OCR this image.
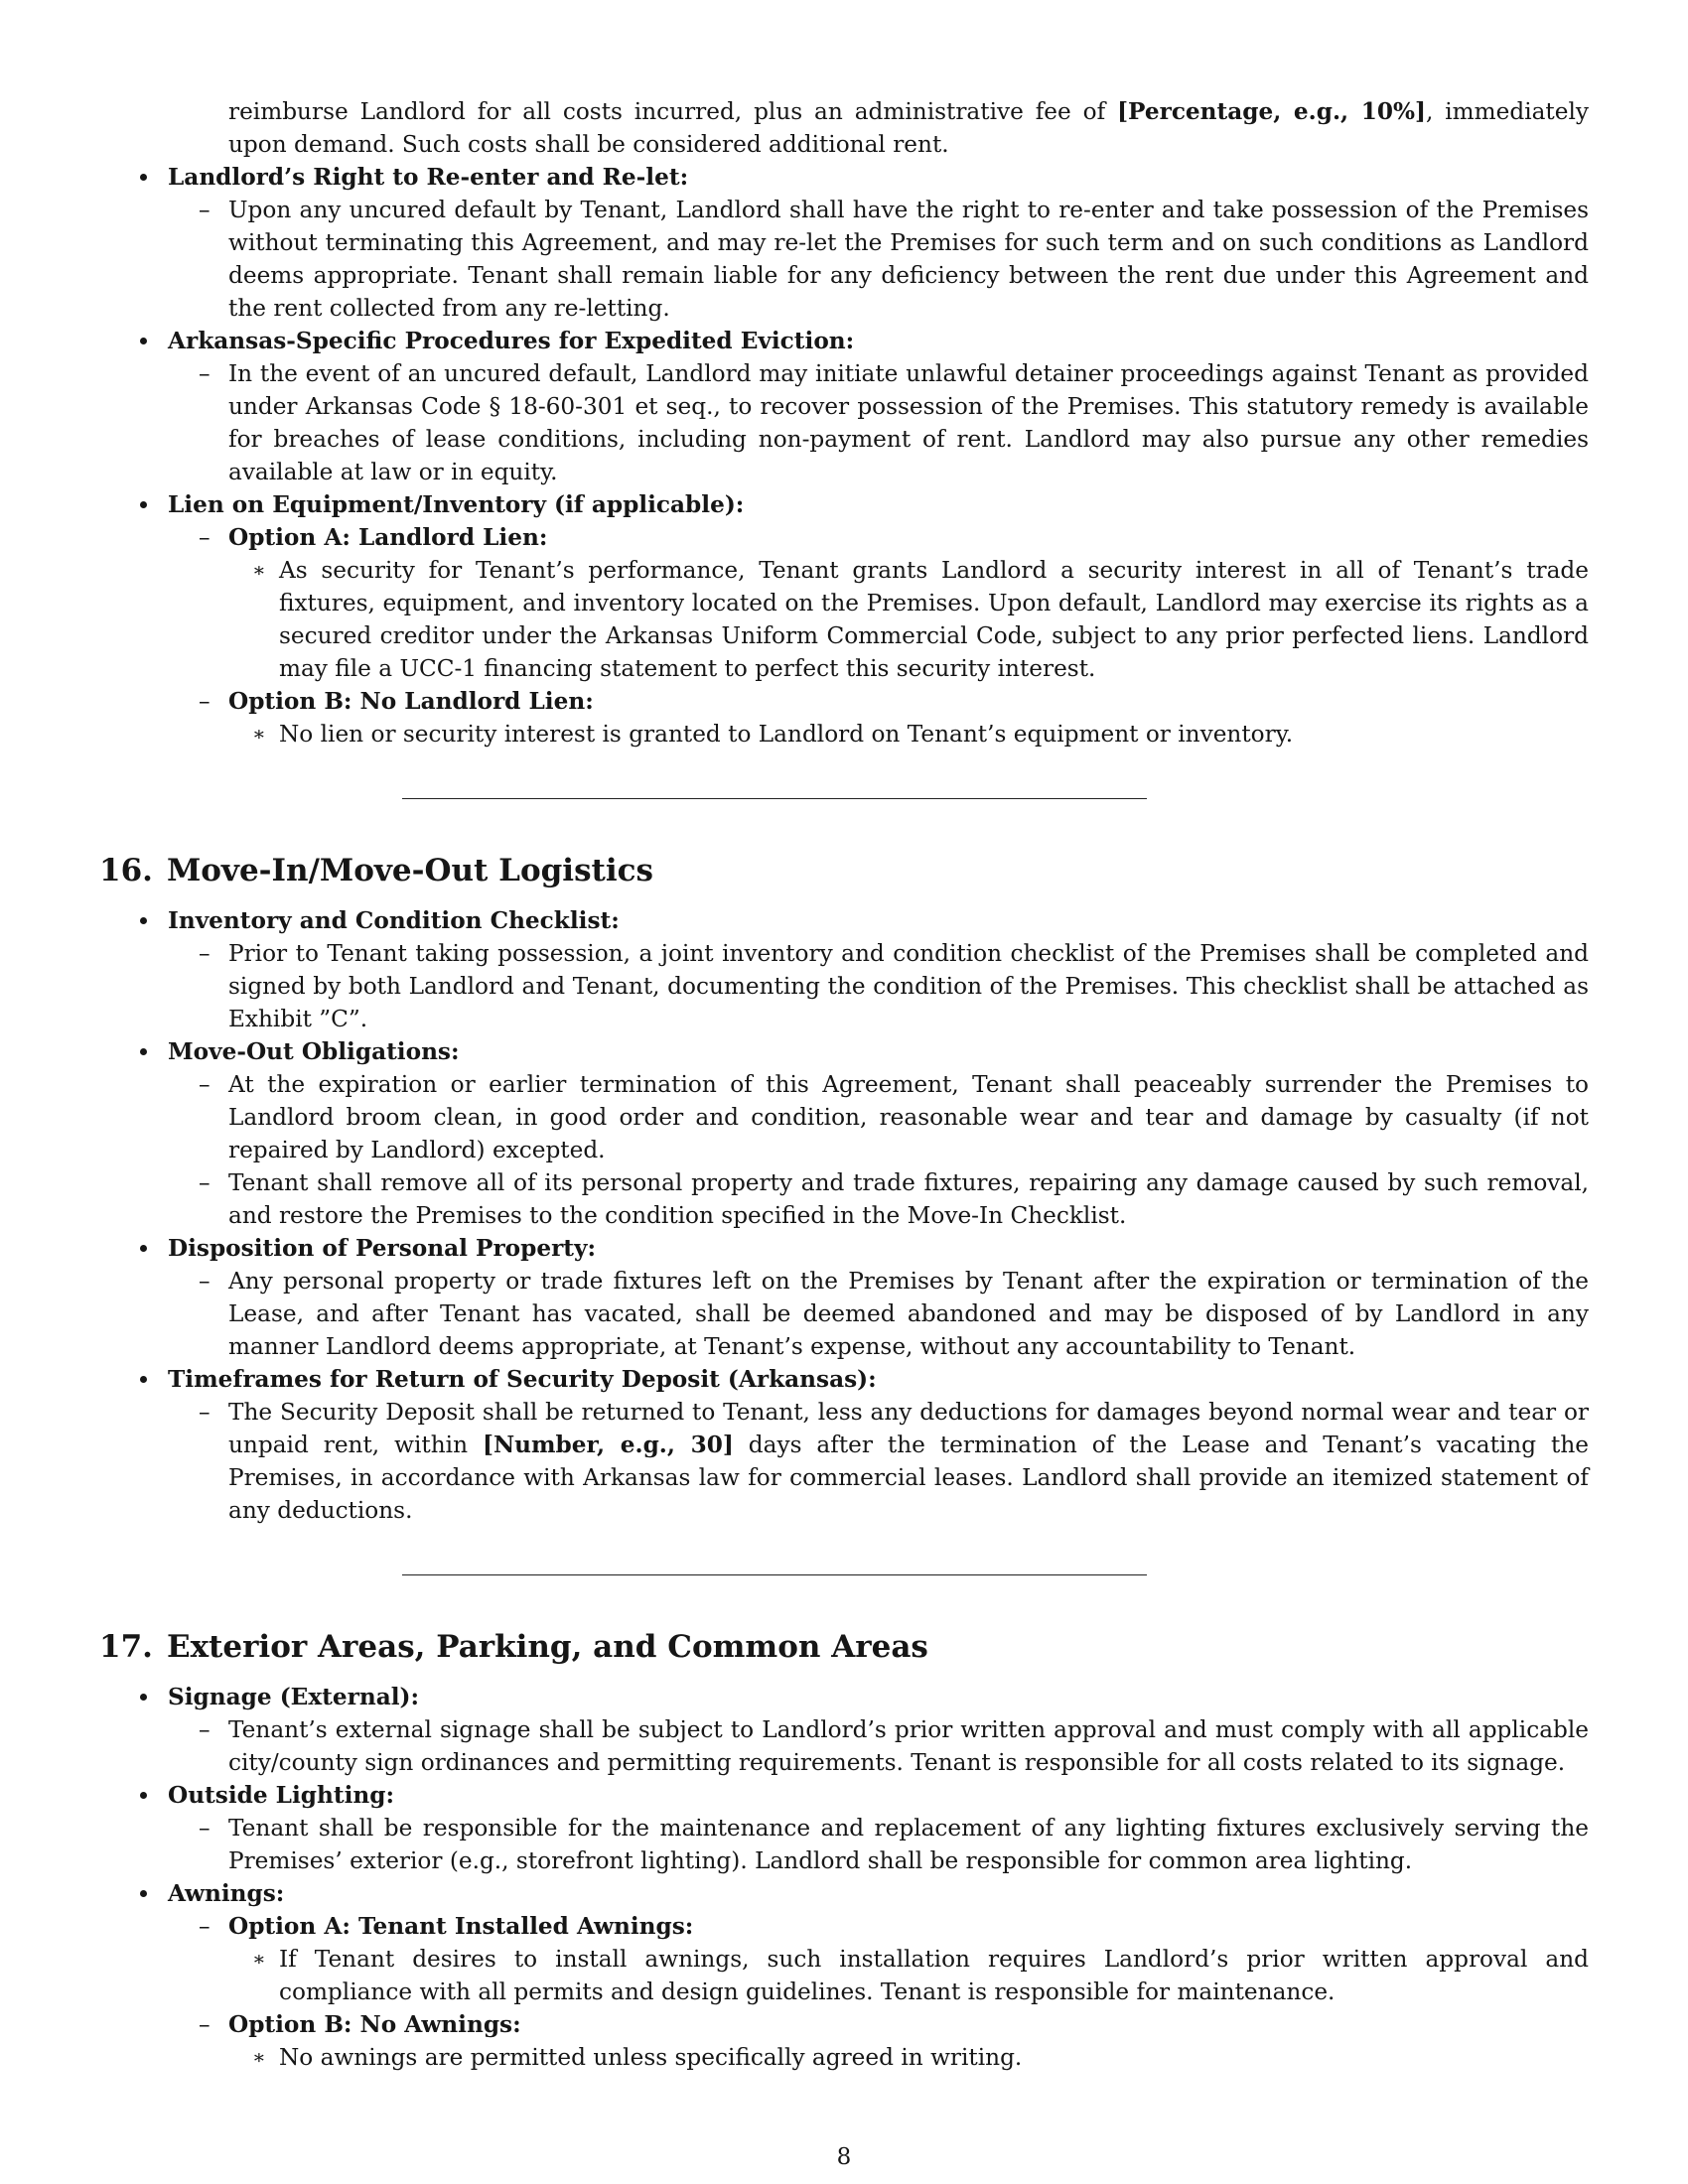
reimburse Landlord for all costs incurred, plus an administrative fee of [Percentage, e.g., 10%], immediately upon demand. Such costs shall be considered additional rent.
Landlord’s Right to Re-enter and Re-let:
– Upon any uncured default by Tenant, Landlord shall have the right to re-enter and take possession of the Premises without terminating this Agreement, and may re-let the Premises for such term and on such conditions as Landlord deems appropriate. Tenant shall remain liable for any deficiency between the rent due under this Agreement and the rent collected from any re-letting.
Arkansas-Specific Procedures for Expedited Eviction:
– In the event of an uncured default, Landlord may initiate unlawful detainer proceedings against Tenant as provided under Arkansas Code § 18-60-301 et seq., to recover possession of the Premises. This statutory remedy is available for breaches of lease conditions, including non-payment of rent. Landlord may also pursue any other remedies available at law or in equity.
Lien on Equipment/Inventory (if applicable):
– Option A: Landlord Lien:
∗ As security for Tenant’s performance, Tenant grants Landlord a security interest in all of Tenant’s trade fixtures, equipment, and inventory located on the Premises. Upon default, Landlord may exercise its rights as a secured creditor under the Arkansas Uniform Commercial Code, subject to any prior perfected liens. Landlord may file a UCC-1 financing statement to perfect this security interest.
– Option B: No Landlord Lien:
∗ No lien or security interest is granted to Landlord on Tenant’s equipment or inventory.
16. Move-In/Move-Out Logistics
Inventory and Condition Checklist:
– Prior to Tenant taking possession, a joint inventory and condition checklist of the Premises shall be completed and signed by both Landlord and Tenant, documenting the condition of the Premises. This checklist shall be attached as Exhibit ”C”.
Move-Out Obligations:
– At the expiration or earlier termination of this Agreement, Tenant shall peaceably surrender the Premises to Landlord broom clean, in good order and condition, reasonable wear and tear and damage by casualty (if not repaired by Landlord) excepted.
– Tenant shall remove all of its personal property and trade fixtures, repairing any damage caused by such removal, and restore the Premises to the condition specified in the Move-In Checklist.
Disposition of Personal Property:
– Any personal property or trade fixtures left on the Premises by Tenant after the expiration or termination of the Lease, and after Tenant has vacated, shall be deemed abandoned and may be disposed of by Landlord in any manner Landlord deems appropriate, at Tenant’s expense, without any accountability to Tenant.
Timeframes for Return of Security Deposit (Arkansas):
– The Security Deposit shall be returned to Tenant, less any deductions for damages beyond normal wear and tear or unpaid rent, within [Number, e.g., 30] days after the termination of the Lease and Tenant’s vacating the Premises, in accordance with Arkansas law for commercial leases. Landlord shall provide an itemized statement of any deductions.
17. Exterior Areas, Parking, and Common Areas
Signage (External):
– Tenant’s external signage shall be subject to Landlord’s prior written approval and must comply with all applicable city/county sign ordinances and permitting requirements. Tenant is responsible for all costs related to its signage.
Outside Lighting:
– Tenant shall be responsible for the maintenance and replacement of any lighting fixtures exclusively serving the Premises’ exterior (e.g., storefront lighting). Landlord shall be responsible for common area lighting.
Awnings:
– Option A: Tenant Installed Awnings:
∗ If Tenant desires to install awnings, such installation requires Landlord’s prior written approval and compliance with all permits and design guidelines. Tenant is responsible for maintenance.
– Option B: No Awnings:
∗ No awnings are permitted unless specifically agreed in writing.
8
